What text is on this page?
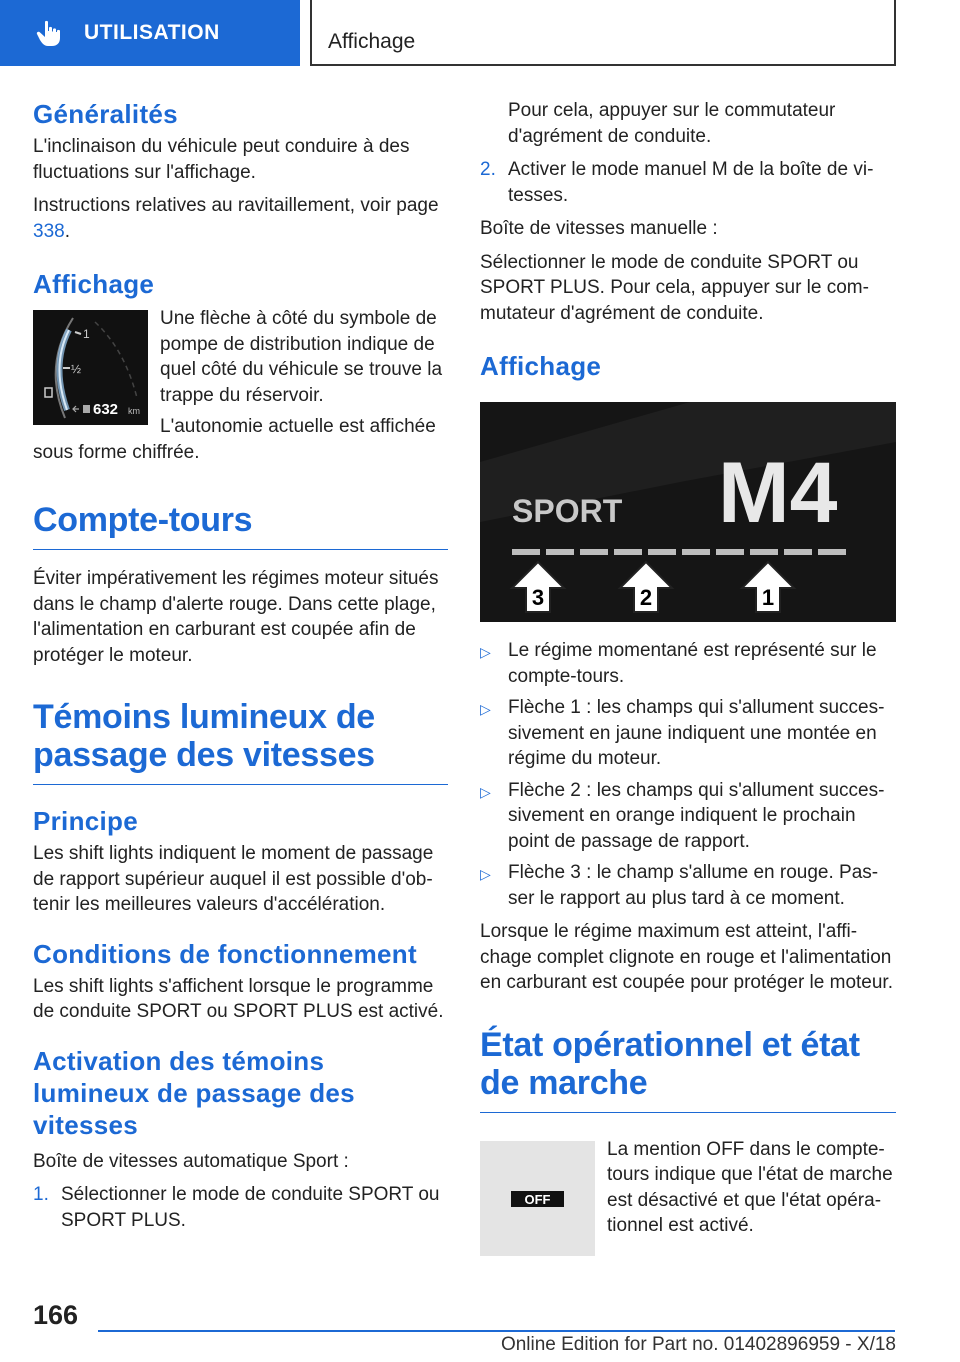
UTILISATION	Affichage
Généralités

L'inclinaison du véhicule peut conduire à des fluctuations sur l'affichage.

Instructions relatives au ravitaillement, voir page 338.

Affichage
1
½
632 km

Une flèche à côté du symbole de pompe de distribution indique de quel côté du véhicule se trouve la trappe du réservoir.

L'autonomie actuelle est affichée sous forme chiffrée.

Compte-tours

Éviter impérativement les régimes moteur situés dans le champ d'alerte rouge. Dans cette plage, l'alimentation en carburant est coupée afin de protéger le moteur.

Témoins lumineux de passage des vitesses
Principe

Les shift lights indiquent le moment de passage de rapport supérieur auquel il est possible d'obtenir les meilleures valeurs d'accélération.

Conditions de fonctionnement

Les shift lights s'affichent lorsque le programme de conduite SPORT ou SPORT PLUS est activé.

Activation des témoins lumineux de passage des vitesses

Boîte de vitesses automatique Sport :

1. Sélectionner le mode de conduite SPORT ou SPORT PLUS.

Pour cela, appuyer sur le commutateur d'agrément de conduite.

2. Activer le mode manuel M de la boîte de vitesses.

Boîte de vitesses manuelle :

Sélectionner le mode de conduite SPORT ou SPORT PLUS. Pour cela, appuyer sur le commutateur d'agrément de conduite.

Affichage
SPORT M4
3	2	1
▷ Le régime momentané est représenté sur le compte-tours.
▷ Flèche 1 : les champs qui s'allument successivement en jaune indiquent une montée en régime du moteur.
▷ Flèche 2 : les champs qui s'allument successivement en orange indiquent le prochain point de passage de rapport.
▷ Flèche 3 : le champ s'allume en rouge. Passer le rapport au plus tard à ce moment.

Lorsque le régime maximum est atteint, l'affichage complet clignote en rouge et l'alimentation en carburant est coupée pour protéger le moteur.

État opérationnel et état de marche
OFF

La mention OFF dans le compte-tours indique que l'état de marche est désactivé et que l'état opérationnel est activé.

166
Online Edition for Part no. 01402896959 - X/18
